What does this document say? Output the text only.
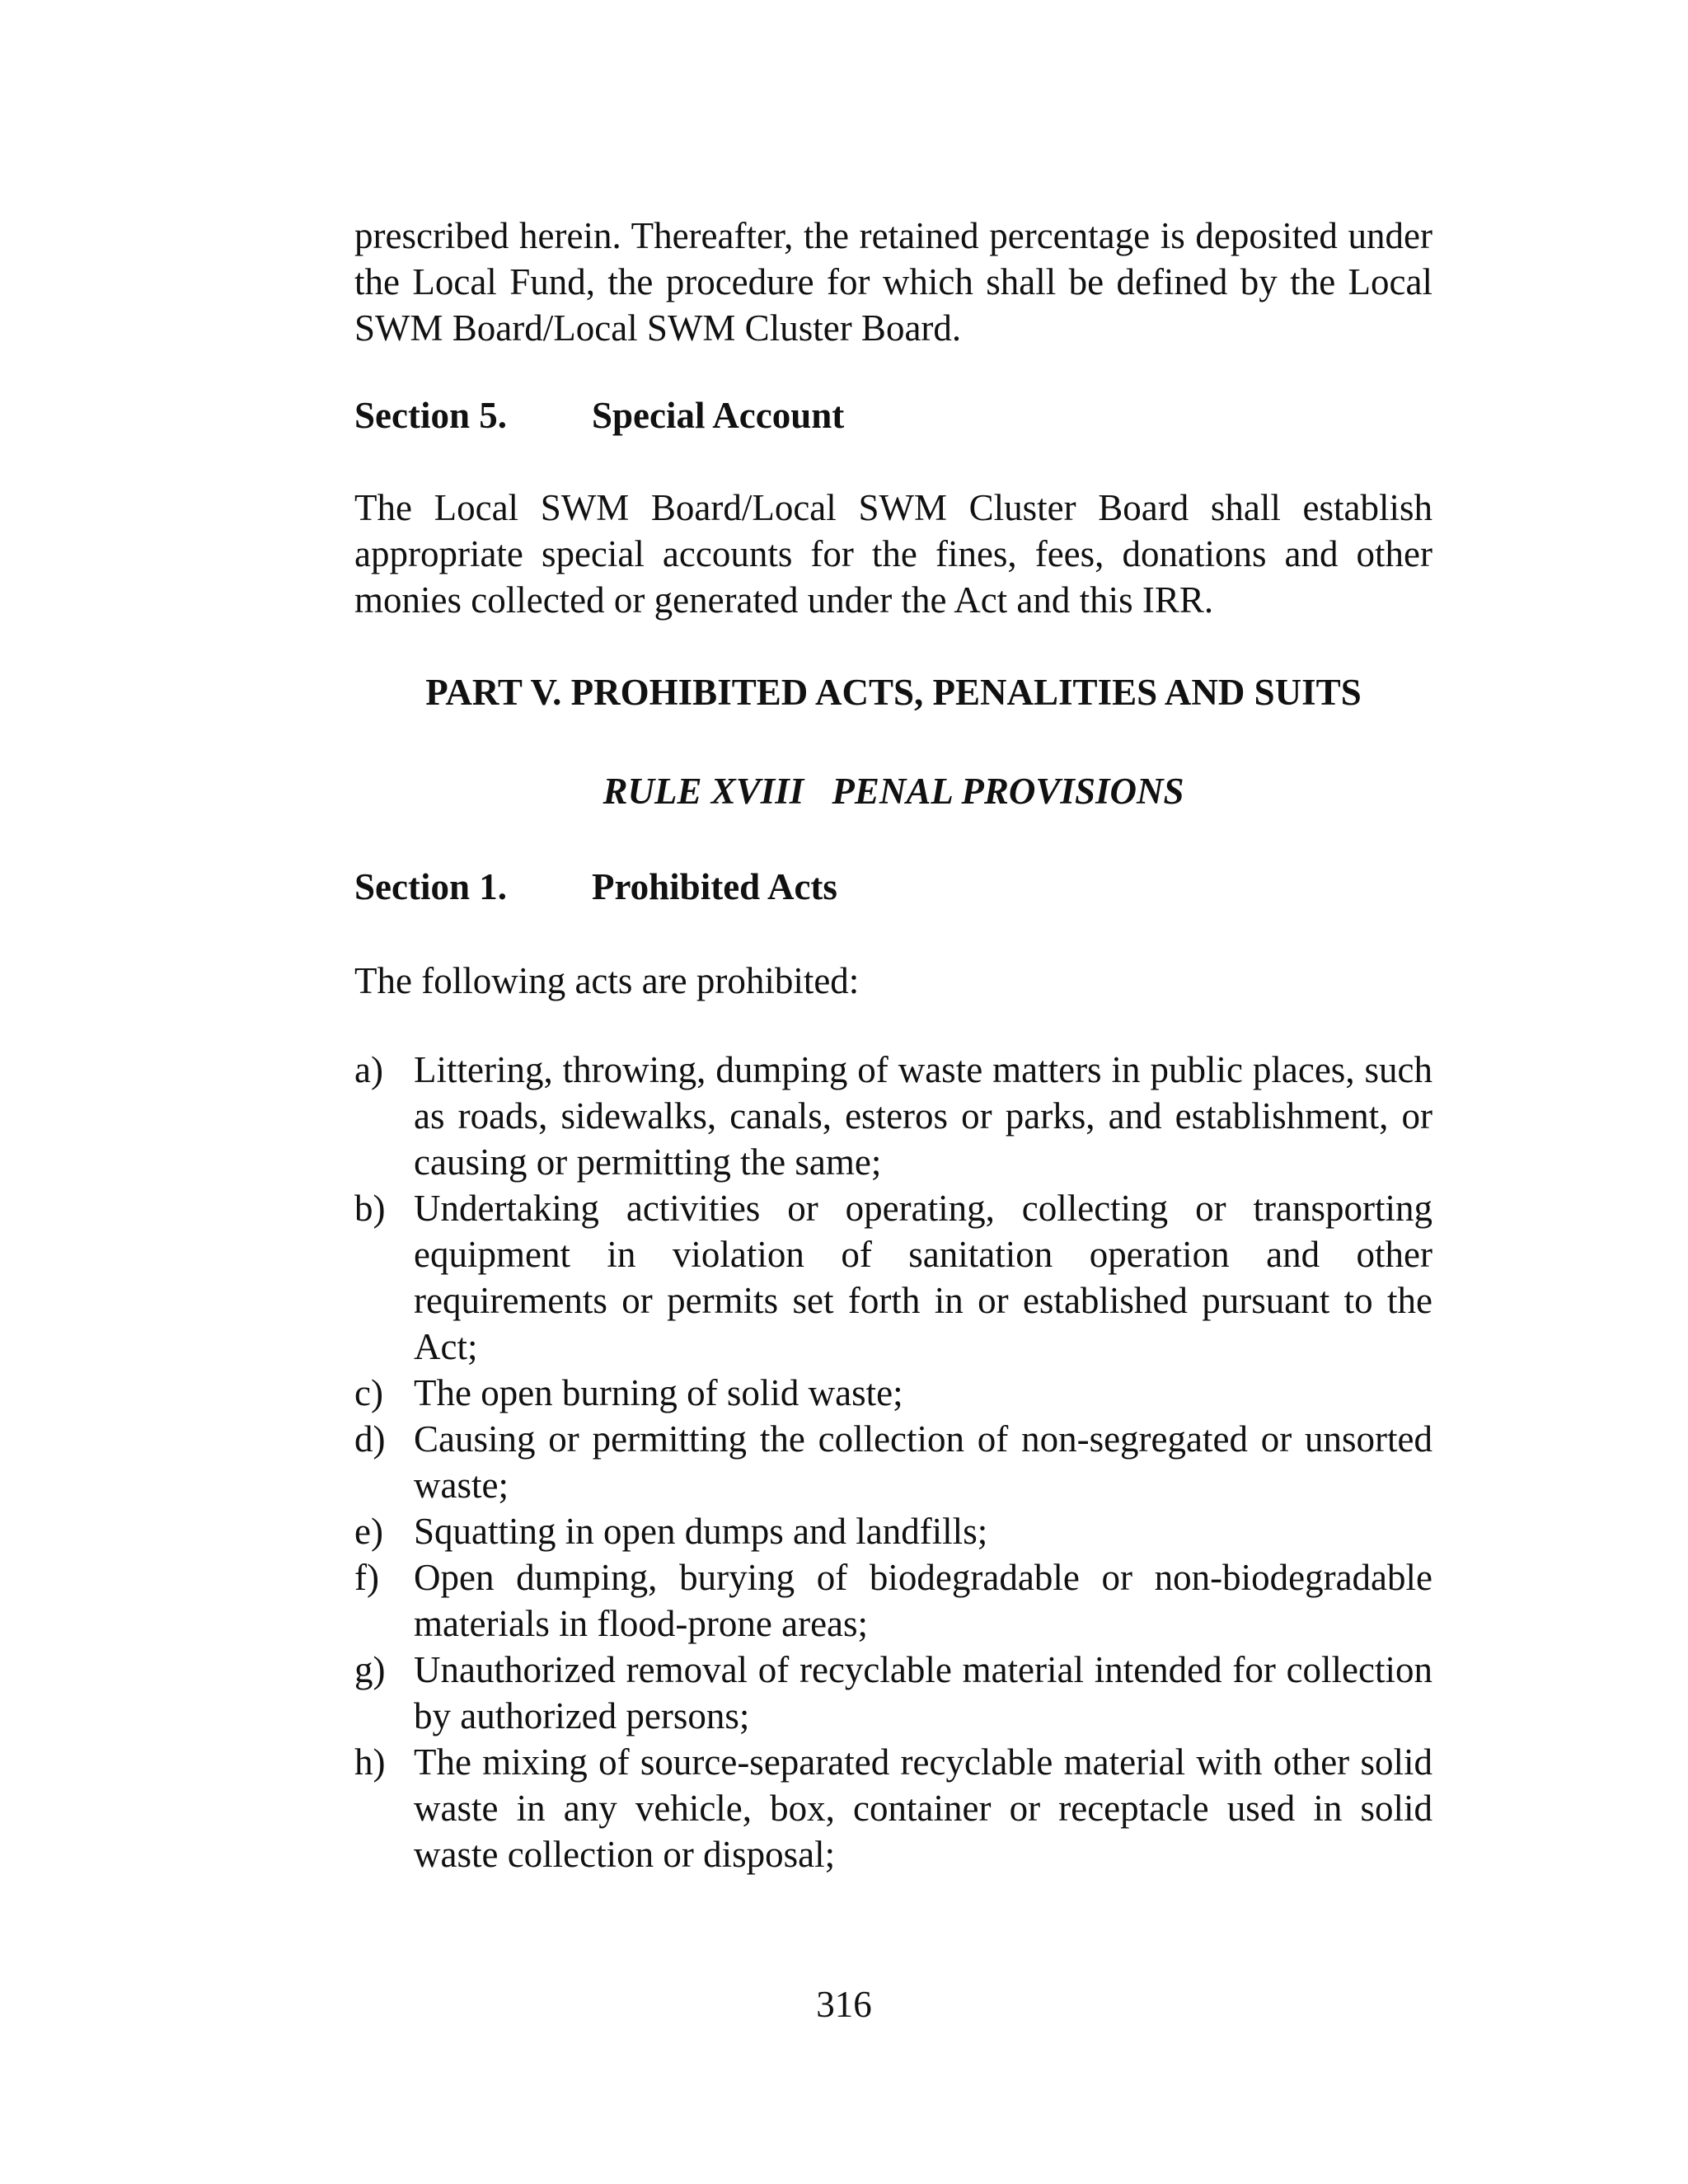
prescribed herein. Thereafter, the retained percentage is deposited under the Local Fund, the procedure for which shall be defined by the Local SWM Board/Local SWM Cluster Board.

Section 5.	Special Account

The Local SWM Board/Local SWM Cluster Board shall establish appropriate special accounts for the fines, fees, donations and other monies collected or generated under the Act and this IRR.

PART V. PROHIBITED ACTS, PENALITIES AND SUITS

RULE XVIII PENAL PROVISIONS

Section 1.	Prohibited Acts

The following acts are prohibited:

a) Littering, throwing, dumping of waste matters in public places, such as roads, sidewalks, canals, esteros or parks, and establishment, or causing or permitting the same;
b) Undertaking activities or operating, collecting or transporting equipment in violation of sanitation operation and other requirements or permits set forth in or established pursuant to the Act;
c) The open burning of solid waste;
d) Causing or permitting the collection of non-segregated or unsorted waste;
e) Squatting in open dumps and landfills;
f) Open dumping, burying of biodegradable or non-biodegradable materials in flood-prone areas;
g) Unauthorized removal of recyclable material intended for collection by authorized persons;
h) The mixing of source-separated recyclable material with other solid waste in any vehicle, box, container or receptacle used in solid waste collection or disposal;
316
